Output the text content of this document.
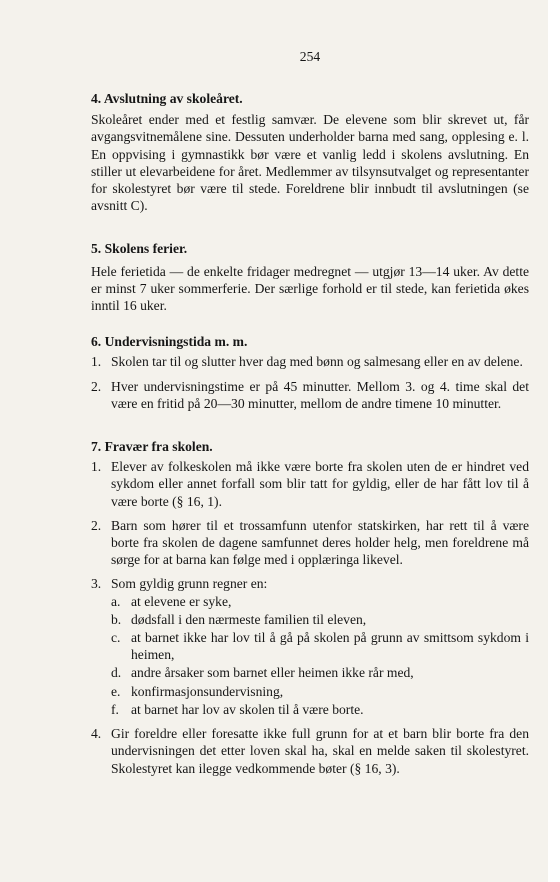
254
4. Avslutning av skoleåret.

Skoleåret ender med et festlig samvær. De elevene som blir skrevet ut, får avgangsvitnemålene sine. Dessuten underholder barna med sang, opplesing e. l. En oppvising i gymnastikk bør være et vanlig ledd i skolens avslutning. En stiller ut elevarbeidene for året. Medlemmer av tilsynsutvalget og representanter for skolestyret bør være til stede. Foreldrene blir innbudt til avslutningen (se avsnitt C).

5. Skolens ferier.

Hele ferietida — de enkelte fridager medregnet — utgjør 13—14 uker. Av dette er minst 7 uker sommerferie. Der særlige forhold er til stede, kan ferietida økes inntil 16 uker.

6. Undervisningstida m. m.
1. Skolen tar til og slutter hver dag med bønn og salmesang eller en av delene.
2. Hver undervisningstime er på 45 minutter. Mellom 3. og 4. time skal det være en fritid på 20—30 minutter, mellom de andre timene 10 minutter.
7. Fravær fra skolen.
1. Elever av folkeskolen må ikke være borte fra skolen uten de er hindret ved sykdom eller annet forfall som blir tatt for gyldig, eller de har fått lov til å være borte (§ 16, 1).
2. Barn som hører til et trossamfunn utenfor statskirken, har rett til å være borte fra skolen de dagene samfunnet deres holder helg, men foreldrene må sørge for at barna kan følge med i opplæringa likevel.
3. Som gyldig grunn regner en:
a. at elevene er syke,
b. dødsfall i den nærmeste familien til eleven,
c. at barnet ikke har lov til å gå på skolen på grunn av smittsom sykdom i heimen,
d. andre årsaker som barnet eller heimen ikke rår med,
e. konfirmasjonsundervisning,
f. at barnet har lov av skolen til å være borte.
4. Gir foreldre eller foresatte ikke full grunn for at et barn blir borte fra den undervisningen det etter loven skal ha, skal en melde saken til skolestyret. Skolestyret kan ilegge vedkommende bøter (§ 16, 3).
